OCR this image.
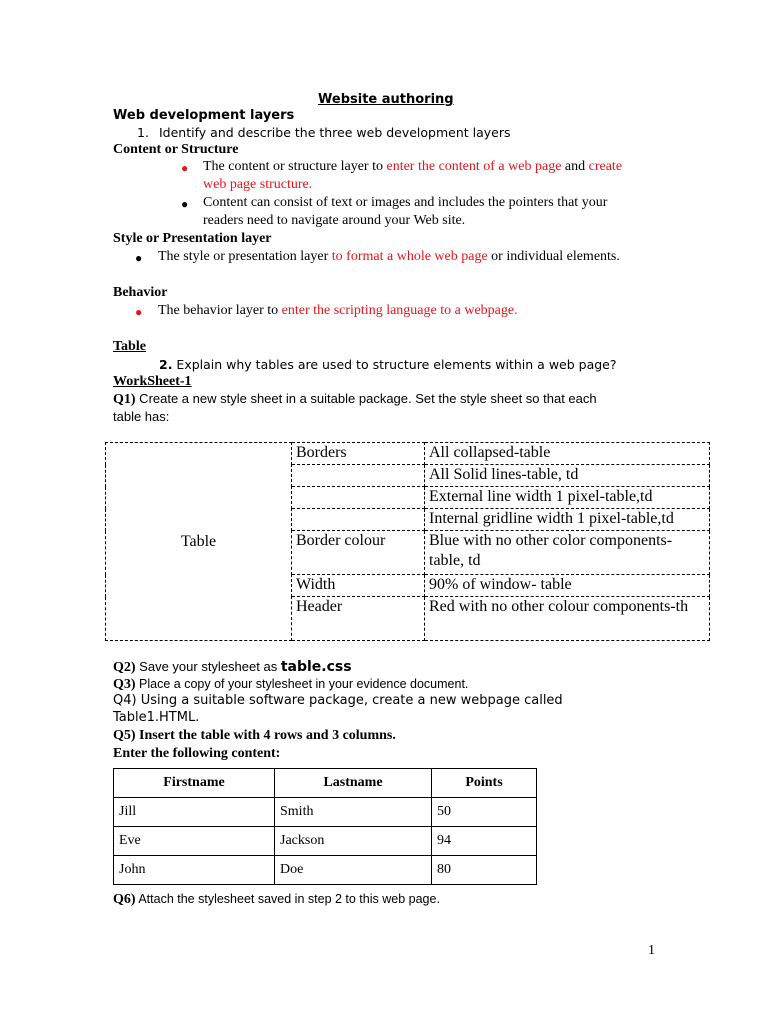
Website authoring
Web development layers
1. Identify and describe the three web development layers
Content or Structure
● The content or structure layer to enter the content of a web page and create
web page structure.
● Content can consist of text or images and includes the pointers that your
readers need to navigate around your Web site.
Style or Presentation layer
● The style or presentation layer to format a whole web page or individual elements.
Behavior
● The behavior layer to enter the scripting language to a webpage.
Table
2. Explain why tables are used to structure elements within a web page?
WorkSheet-1
Q1) Create a new style sheet in a suitable package. Set the style sheet so that each
table has:
Table	Borders	All collapsed-table
		All Solid lines-table, td
		External line width 1 pixel-table,td
		Internal gridline width 1 pixel-table,td
	Border colour	Blue with no other color components-table, td
	Width	90% of window- table
	Header	Red with no other colour components-th
Q2) Save your stylesheet as table.css
Q3) Place a copy of your stylesheet in your evidence document.
Q4) Using a suitable software package, create a new webpage called
Table1.HTML.
Q5) Insert the table with 4 rows and 3 columns.
Enter the following content:
Firstname	Lastname	Points
Jill	Smith	50
Eve	Jackson	94
John	Doe	80
Q6) Attach the stylesheet saved in step 2 to this web page.
1
